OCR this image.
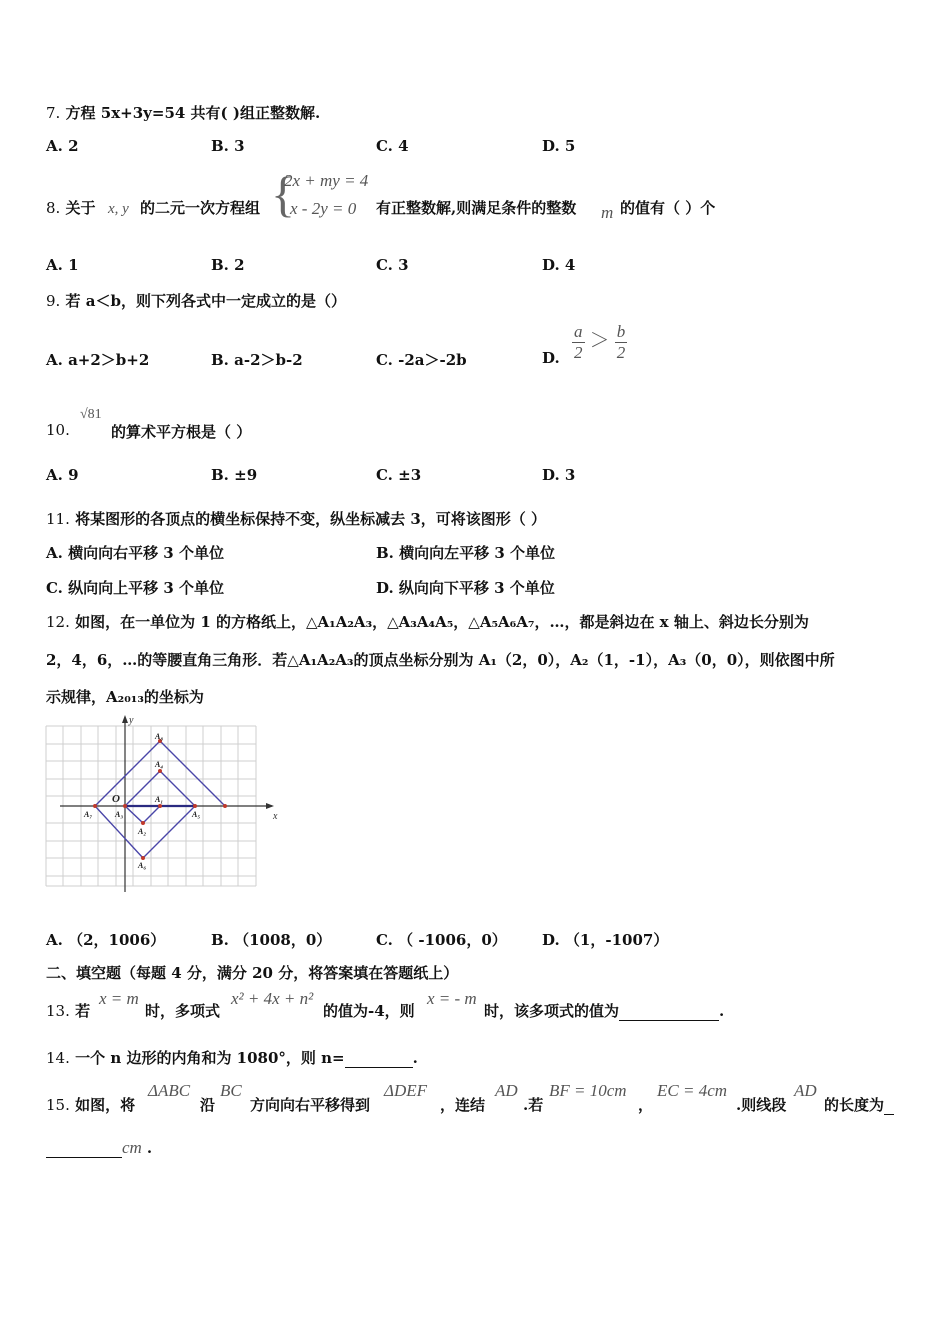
7. 方程 5x+3y=54 共有( )组正整数解.
A. 2	B. 3	C. 4	D. 5
8. 关于 x, y 的二元一次方程组 {
2x + my = 4
x - 2y = 0 有正整数解,则满足条件的整数 m 的值有（ ）个
A. 1	B. 2	C. 3	D. 4
9. 若 a＜b，则下列各式中一定成立的是（）
A. a+2＞b+2	B. a-2＞b-2	C. -2a＞-2b	D. $\frac{a}{2} > \frac{b}{2}$
10.
√81
的算术平方根是（ ）
A. 9	B. ±9	C. ±3	D. 3
11. 将某图形的各顶点的横坐标保持不变，纵坐标减去 3，可将该图形（ ）
A. 横向向右平移 3 个单位	B. 横向向左平移 3 个单位
C. 纵向向上平移 3 个单位	D. 纵向向下平移 3 个单位
12. 如图，在一单位为 1 的方格纸上，△A₁A₂A₃，△A₃A₄A₅，△A₅A₆A₇，…，都是斜边在 x 轴上、斜边长分别为
2，4，6，…的等腰直角三角形．若△A₁A₂A₃的顶点坐标分别为 A₁（2，0），A₂（1，-1），A₃（0，0），则依图中所
示规律，A₂₀₁₃的坐标为
x
y
O	A₁
A₂
A₃
A₄
A₅
A₆
A₇
A₈
A. （2，1006）	B. （1008，0）	C. （ -1006，0） D. （1，-1007）
二、填空题（每题 4 分，满分 20 分，将答案填在答题纸上）
13. 若
x = m
时，多项式
x² + 4x + n²
的值为-4，则
x = - m
时，该多项式的值为	.
14. 一个 n 边形的内角和为 1080°，则 n=	.
15. 如图，将
ΔABC
沿
BC
方向向右平移得到
ΔDEF
，连结
AD
.若
BF = 10cm
，
EC = 4cm
.则线段
AD
的长度为
cm .
